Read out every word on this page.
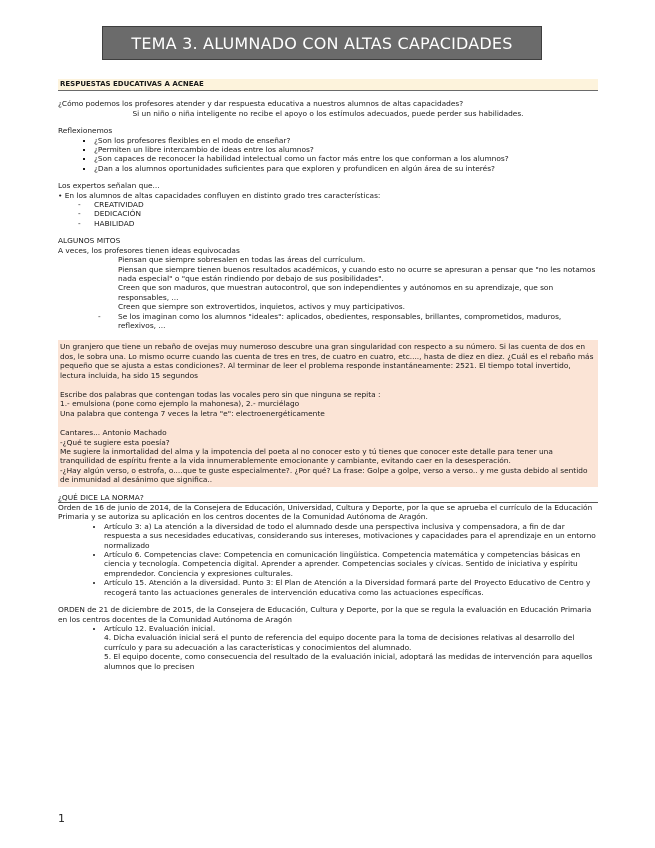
TEMA 3. ALUMNADO CON ALTAS CAPACIDADES
RESPUESTAS EDUCATIVAS A ACNEAE

¿Cómo podemos los profesores atender y dar respuesta educativa a nuestros alumnos de altas capacidades?

Si un niño o niña inteligente no recibe el apoyo o los estímulos adecuados, puede perder sus habilidades.

Reflexionemos

▪ ¿Son los profesores flexibles en el modo de enseñar?
▪ ¿Permiten un libre intercambio de ideas entre los alumnos?
▪ ¿Son capaces de reconocer la habilidad intelectual como un factor más entre los que conforman a los alumnos?
▪ ¿Dan a los alumnos oportunidades suficientes para que exploren y profundicen en algún área de su interés?

Los expertos señalan que...

• En los alumnos de altas capacidades confluyen en distinto grado tres características:

- CREATIVIDAD
- DEDICACIÓN
- HABILIDAD

ALGUNOS MITOS

A veces, los profesores tienen ideas equivocadas

Piensan que siempre sobresalen en todas las áreas del currículum.

Piensan que siempre tienen buenos resultados académicos, y cuando esto no ocurre se apresuran a pensar que "no les notamos nada especial" o "que están rindiendo por debajo de sus posibilidades".

Creen que son maduros, que muestran autocontrol, que son independientes y autónomos en su aprendizaje, que son responsables, ...

Creen que siempre son extrovertidos, inquietos, activos y muy participativos.

- Se los imaginan como los alumnos "ideales": aplicados, obedientes, responsables, brillantes, comprometidos, maduros, reflexivos, ...

Un granjero que tiene un rebaño de ovejas muy numeroso descubre una gran singularidad con respecto a su número. Si las cuenta de dos en dos, le sobra una. Lo mismo ocurre cuando las cuenta de tres en tres, de cuatro en cuatro, etc...., hasta de diez en diez. ¿Cuál es el rebaño más pequeño que se ajusta a estas condiciones?. Al terminar de leer el problema responde instantáneamente: 2521. El tiempo total invertido, lectura incluida, ha sido 15 segundos

Escribe dos palabras que contengan todas las vocales pero sin que ninguna se repita :

1.- emulsiona (pone como ejemplo la mahonesa), 2.- murciélago

Una palabra que contenga 7 veces la letra "e": electroenergéticamente

Cantares... Antonio Machado

-¿Qué te sugiere esta poesía?

Me sugiere la inmortalidad del alma y la impotencia del poeta al no conocer esto y tú tienes que conocer este detalle para tener una tranquilidad de espíritu frente a la vida innumerablemente emocionante y cambiante, evitando caer en la desesperación.

-¿Hay algún verso, o estrofa, o....que te guste especialmente?. ¿Por qué? La frase: Golpe a golpe, verso a verso.. y me gusta debido al sentido de inmunidad al desánimo que significa..

¿QUÉ DICE LA NORMA?

Orden de 16 de junio de 2014, de la Consejera de Educación, Universidad, Cultura y Deporte, por la que se aprueba el currículo de la Educación Primaria y se autoriza su aplicación en los centros docentes de la Comunidad Autónoma de Aragón.

• Artículo 3: a) La atención a la diversidad de todo el alumnado desde una perspectiva inclusiva y compensadora, a fin de dar respuesta a sus necesidades educativas, considerando sus intereses, motivaciones y capacidades para el aprendizaje en un entorno normalizado
• Artículo 6. Competencias clave: Competencia en comunicación lingüística. Competencia matemática y competencias básicas en ciencia y tecnología. Competencia digital. Aprender a aprender. Competencias sociales y cívicas. Sentido de iniciativa y espíritu emprendedor. Conciencia y expresiones culturales.
• Artículo 15. Atención a la diversidad. Punto 3: El Plan de Atención a la Diversidad formará parte del Proyecto Educativo de Centro y recogerá tanto las actuaciones generales de intervención educativa como las actuaciones específicas.

ORDEN de 21 de diciembre de 2015, de la Consejera de Educación, Cultura y Deporte, por la que se regula la evaluación en Educación Primaria en los centros docentes de la Comunidad Autónoma de Aragón

• Artículo 12. Evaluación inicial.
4. Dicha evaluación inicial será el punto de referencia del equipo docente para la toma de decisiones relativas al desarrollo del currículo y para su adecuación a las características y conocimientos del alumnado.
5. El equipo docente, como consecuencia del resultado de la evaluación inicial, adoptará las medidas de intervención para aquellos alumnos que lo precisen
1
